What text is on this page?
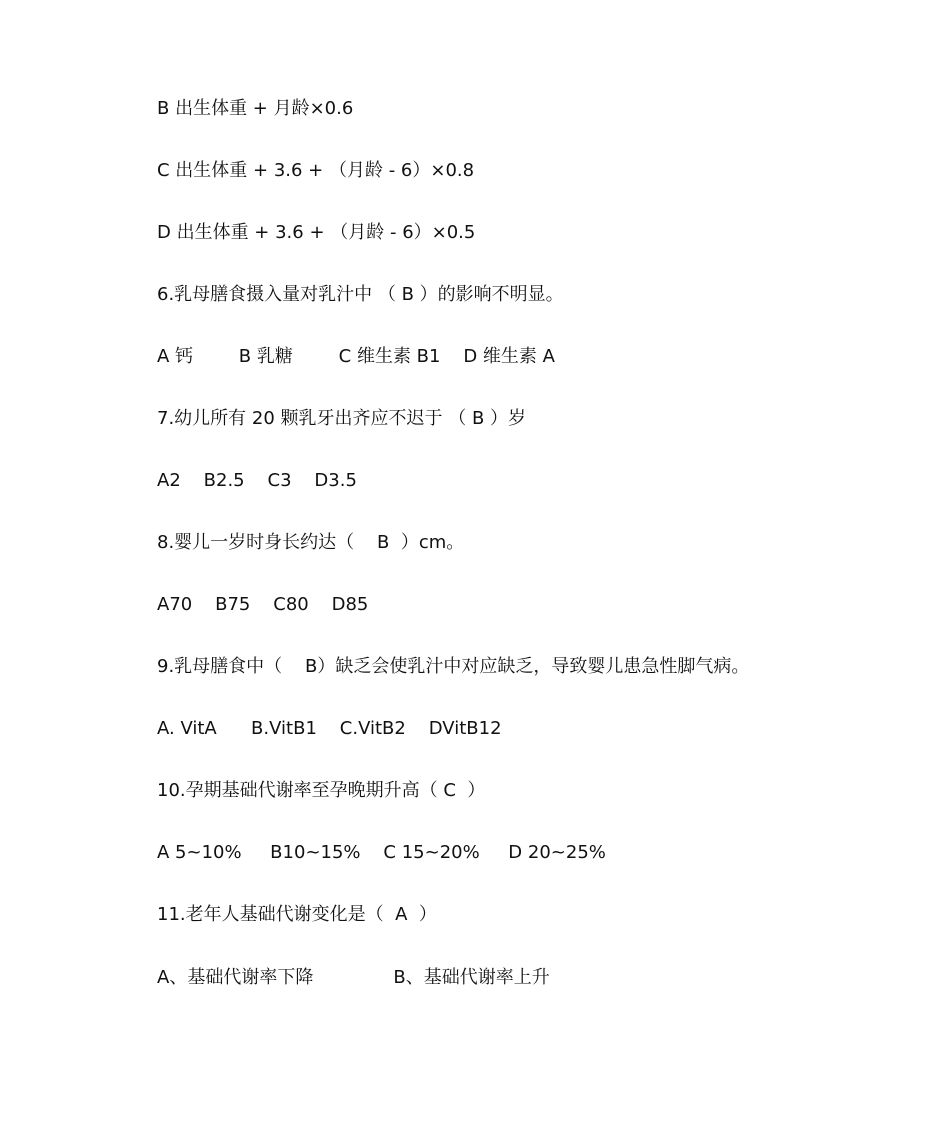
B 出生体重 + 月龄×0.6
C 出生体重 + 3.6 + （月龄 - 6）×0.8
D 出生体重 + 3.6 + （月龄 - 6）×0.5
6.乳母膳食摄入量对乳汁中 （ B ）的影响不明显。
A 钙        B 乳糖        C 维生素 B1    D 维生素 A
7.幼儿所有 20 颗乳牙出齐应不迟于 （ B ）岁
A2    B2.5    C3    D3.5
8.婴儿一岁时身长约达（    B  ）cm。
A70    B75    C80    D85
9.乳母膳食中（    B）缺乏会使乳汁中对应缺乏，导致婴儿患急性脚气病。
A. VitA      B.VitB1    C.VitB2    DVitB12
10.孕期基础代谢率至孕晚期升高（ C  ）
A 5~10%     B10~15%    C 15~20%     D 20~25%
11.老年人基础代谢变化是（  A  ）
A、基础代谢率下降              B、基础代谢率上升
